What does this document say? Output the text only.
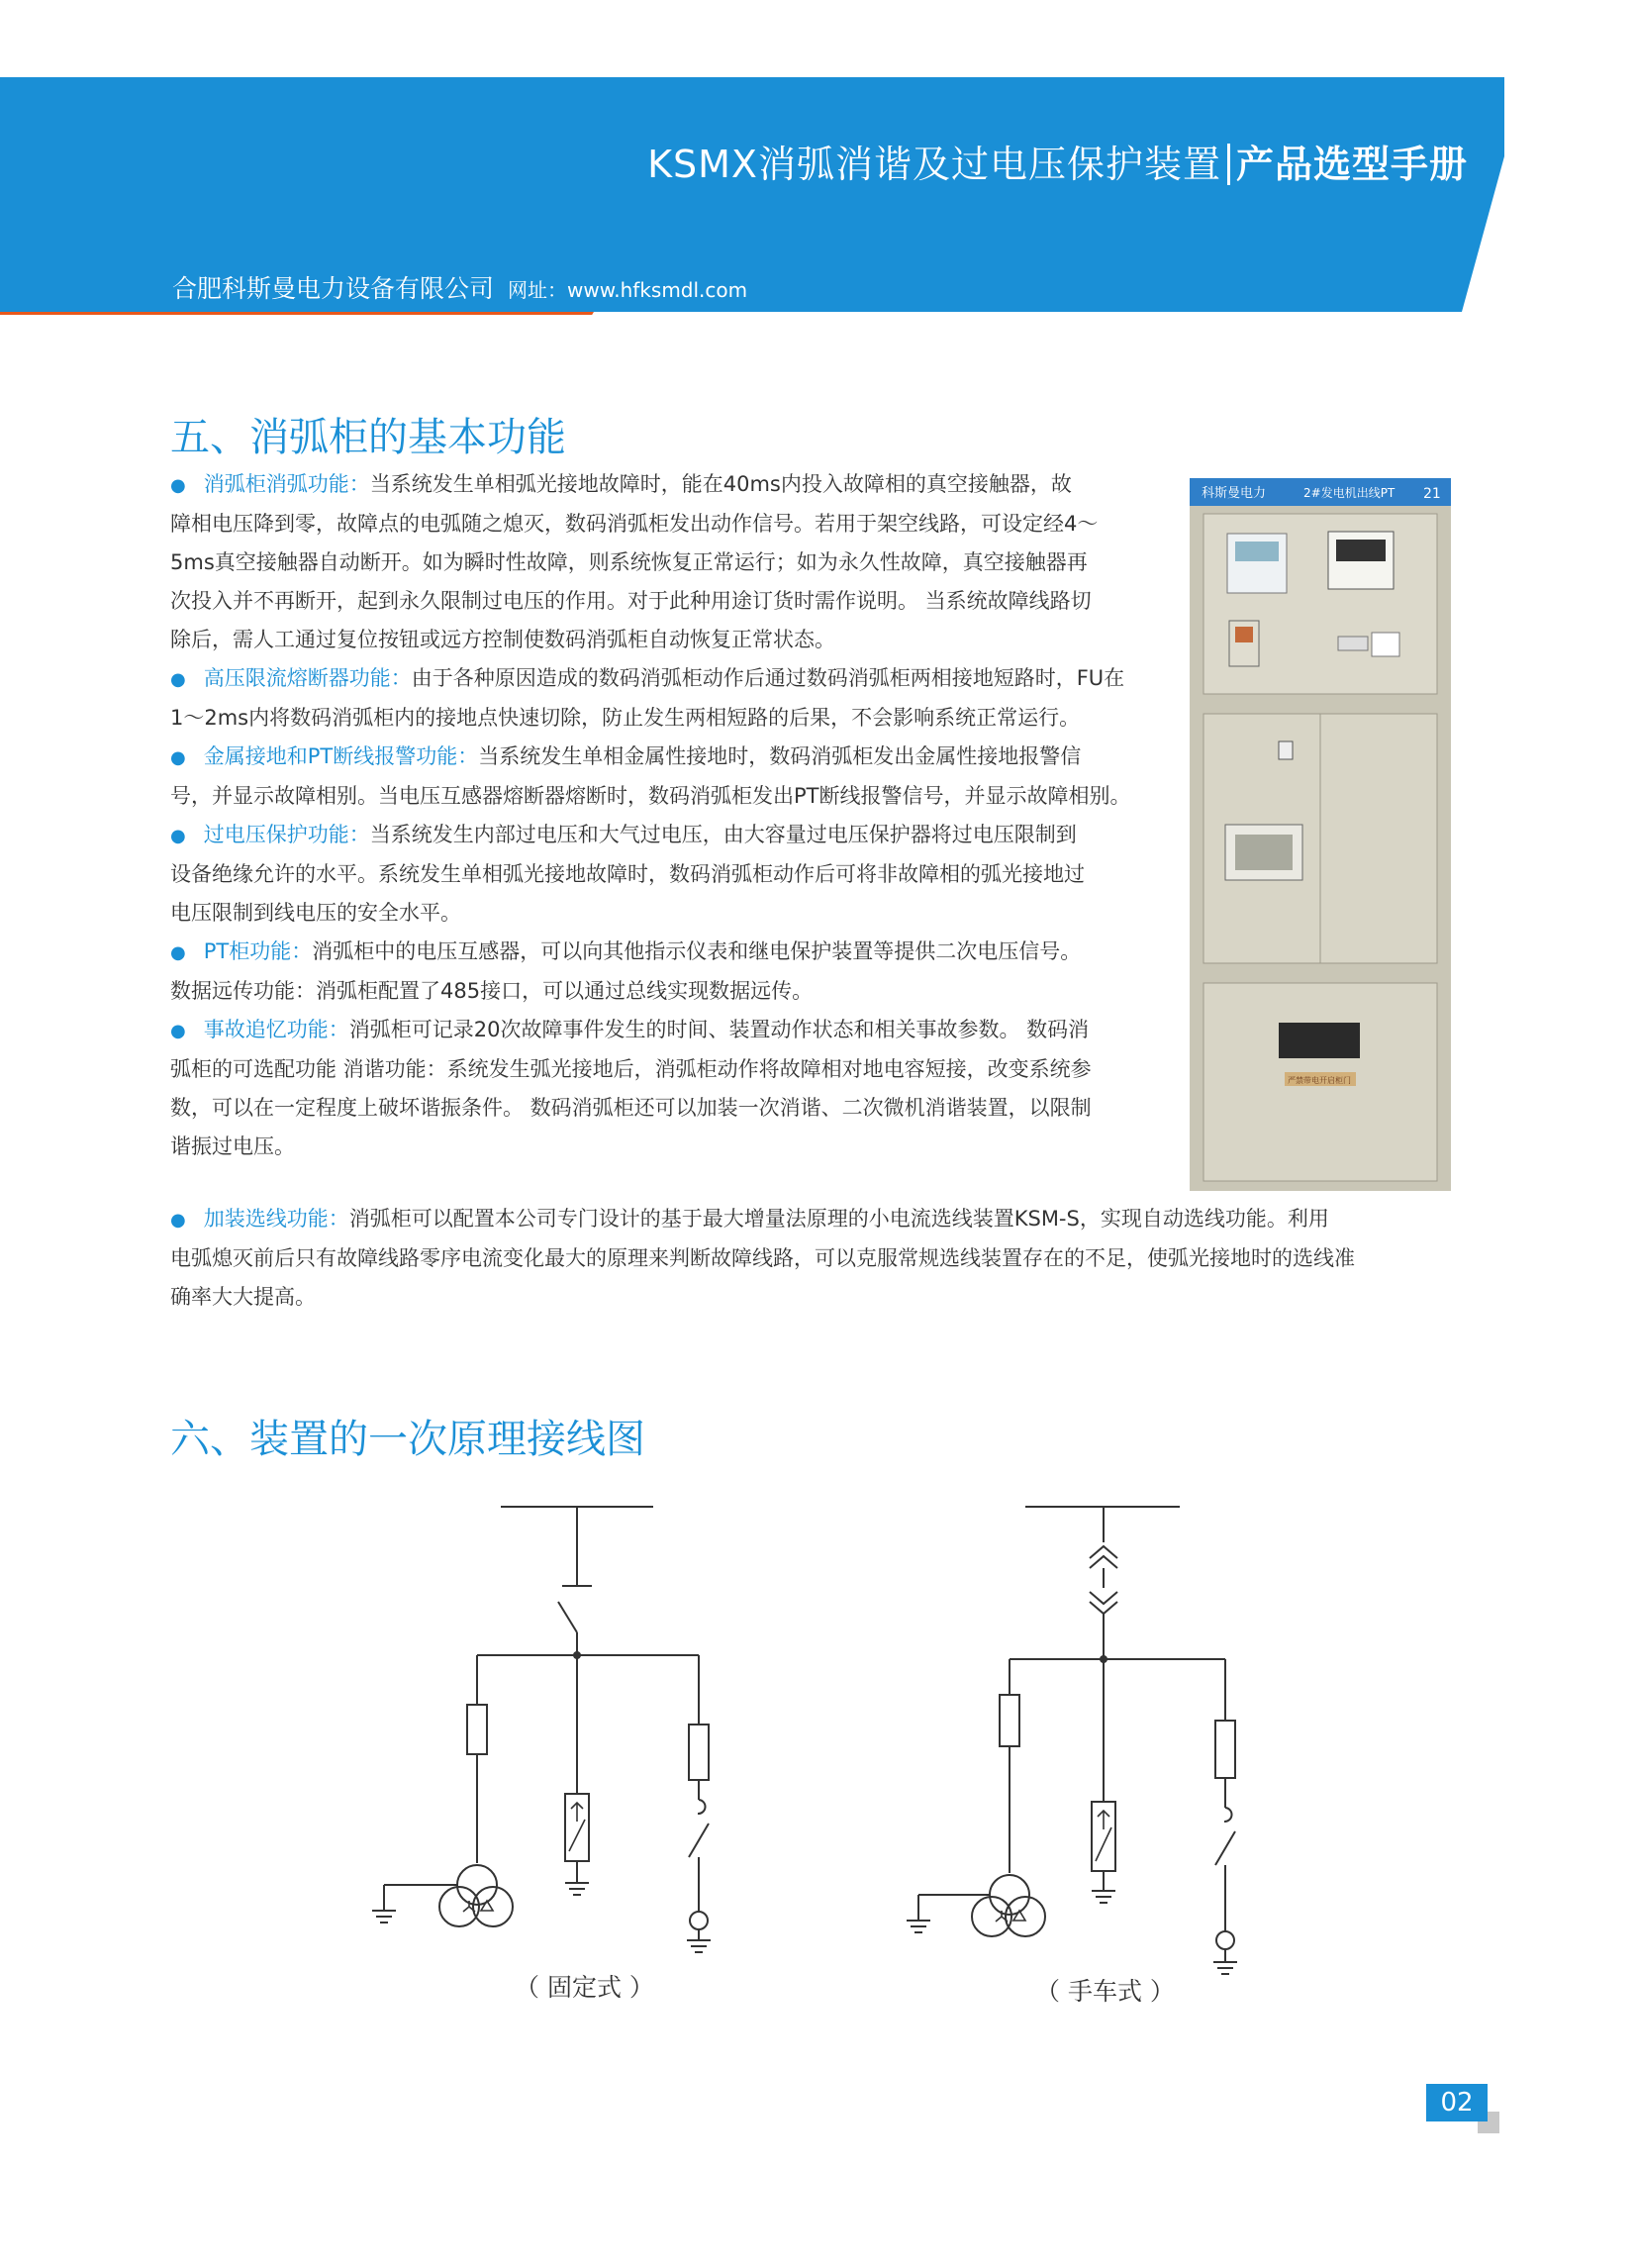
KSMX消弧消谐及过电压保护装置 产品选型手册
合肥科斯曼电力设备有限公司 网址：www.hfksmdl.com
五、消弧柜的基本功能

● 消弧柜消弧功能：当系统发生单相弧光接地故障时，能在40ms内投入故障相的真空接触器，故

障相电压降到零，故障点的电弧随之熄灭，数码消弧柜发出动作信号。若用于架空线路，可设定经4～

5ms真空接触器自动断开。如为瞬时性故障，则系统恢复正常运行；如为永久性故障，真空接触器再

次投入并不再断开，起到永久限制过电压的作用。对于此种用途订货时需作说明。 当系统故障线路切

除后，需人工通过复位按钮或远方控制使数码消弧柜自动恢复正常状态。

● 高压限流熔断器功能：由于各种原因造成的数码消弧柜动作后通过数码消弧柜两相接地短路时，FU在

1～2ms内将数码消弧柜内的接地点快速切除，防止发生两相短路的后果，不会影响系统正常运行。

● 金属接地和PT断线报警功能：当系统发生单相金属性接地时，数码消弧柜发出金属性接地报警信

号，并显示故障相别。当电压互感器熔断器熔断时，数码消弧柜发出PT断线报警信号，并显示故障相别。

● 过电压保护功能：当系统发生内部过电压和大气过电压，由大容量过电压保护器将过电压限制到

设备绝缘允许的水平。系统发生单相弧光接地故障时，数码消弧柜动作后可将非故障相的弧光接地过

电压限制到线电压的安全水平。

● PT柜功能：消弧柜中的电压互感器，可以向其他指示仪表和继电保护装置等提供二次电压信号。

数据远传功能：消弧柜配置了485接口，可以通过总线实现数据远传。

● 事故追忆功能：消弧柜可记录20次故障事件发生的时间、装置动作状态和相关事故参数。 数码消

弧柜的可选配功能 消谐功能：系统发生弧光接地后，消弧柜动作将故障相对地电容短接，改变系统参

数，可以在一定程度上破坏谐振条件。 数码消弧柜还可以加装一次消谐、二次微机消谐装置，以限制

谐振过电压。

● 加装选线功能：消弧柜可以配置本公司专门设计的基于最大增量法原理的小电流选线装置KSM-S，实现自动选线功能。利用

电弧熄灭前后只有故障线路零序电流变化最大的原理来判断故障线路，可以克服常规选线装置存在的不足，使弧光接地时的选线准

确率大大提高。

科斯曼电力	2#发电机出线PT 21
严禁带电开启柜门
六、装置的一次原理接线图
（ 固定式 ）	（ 手车式 ）
02
